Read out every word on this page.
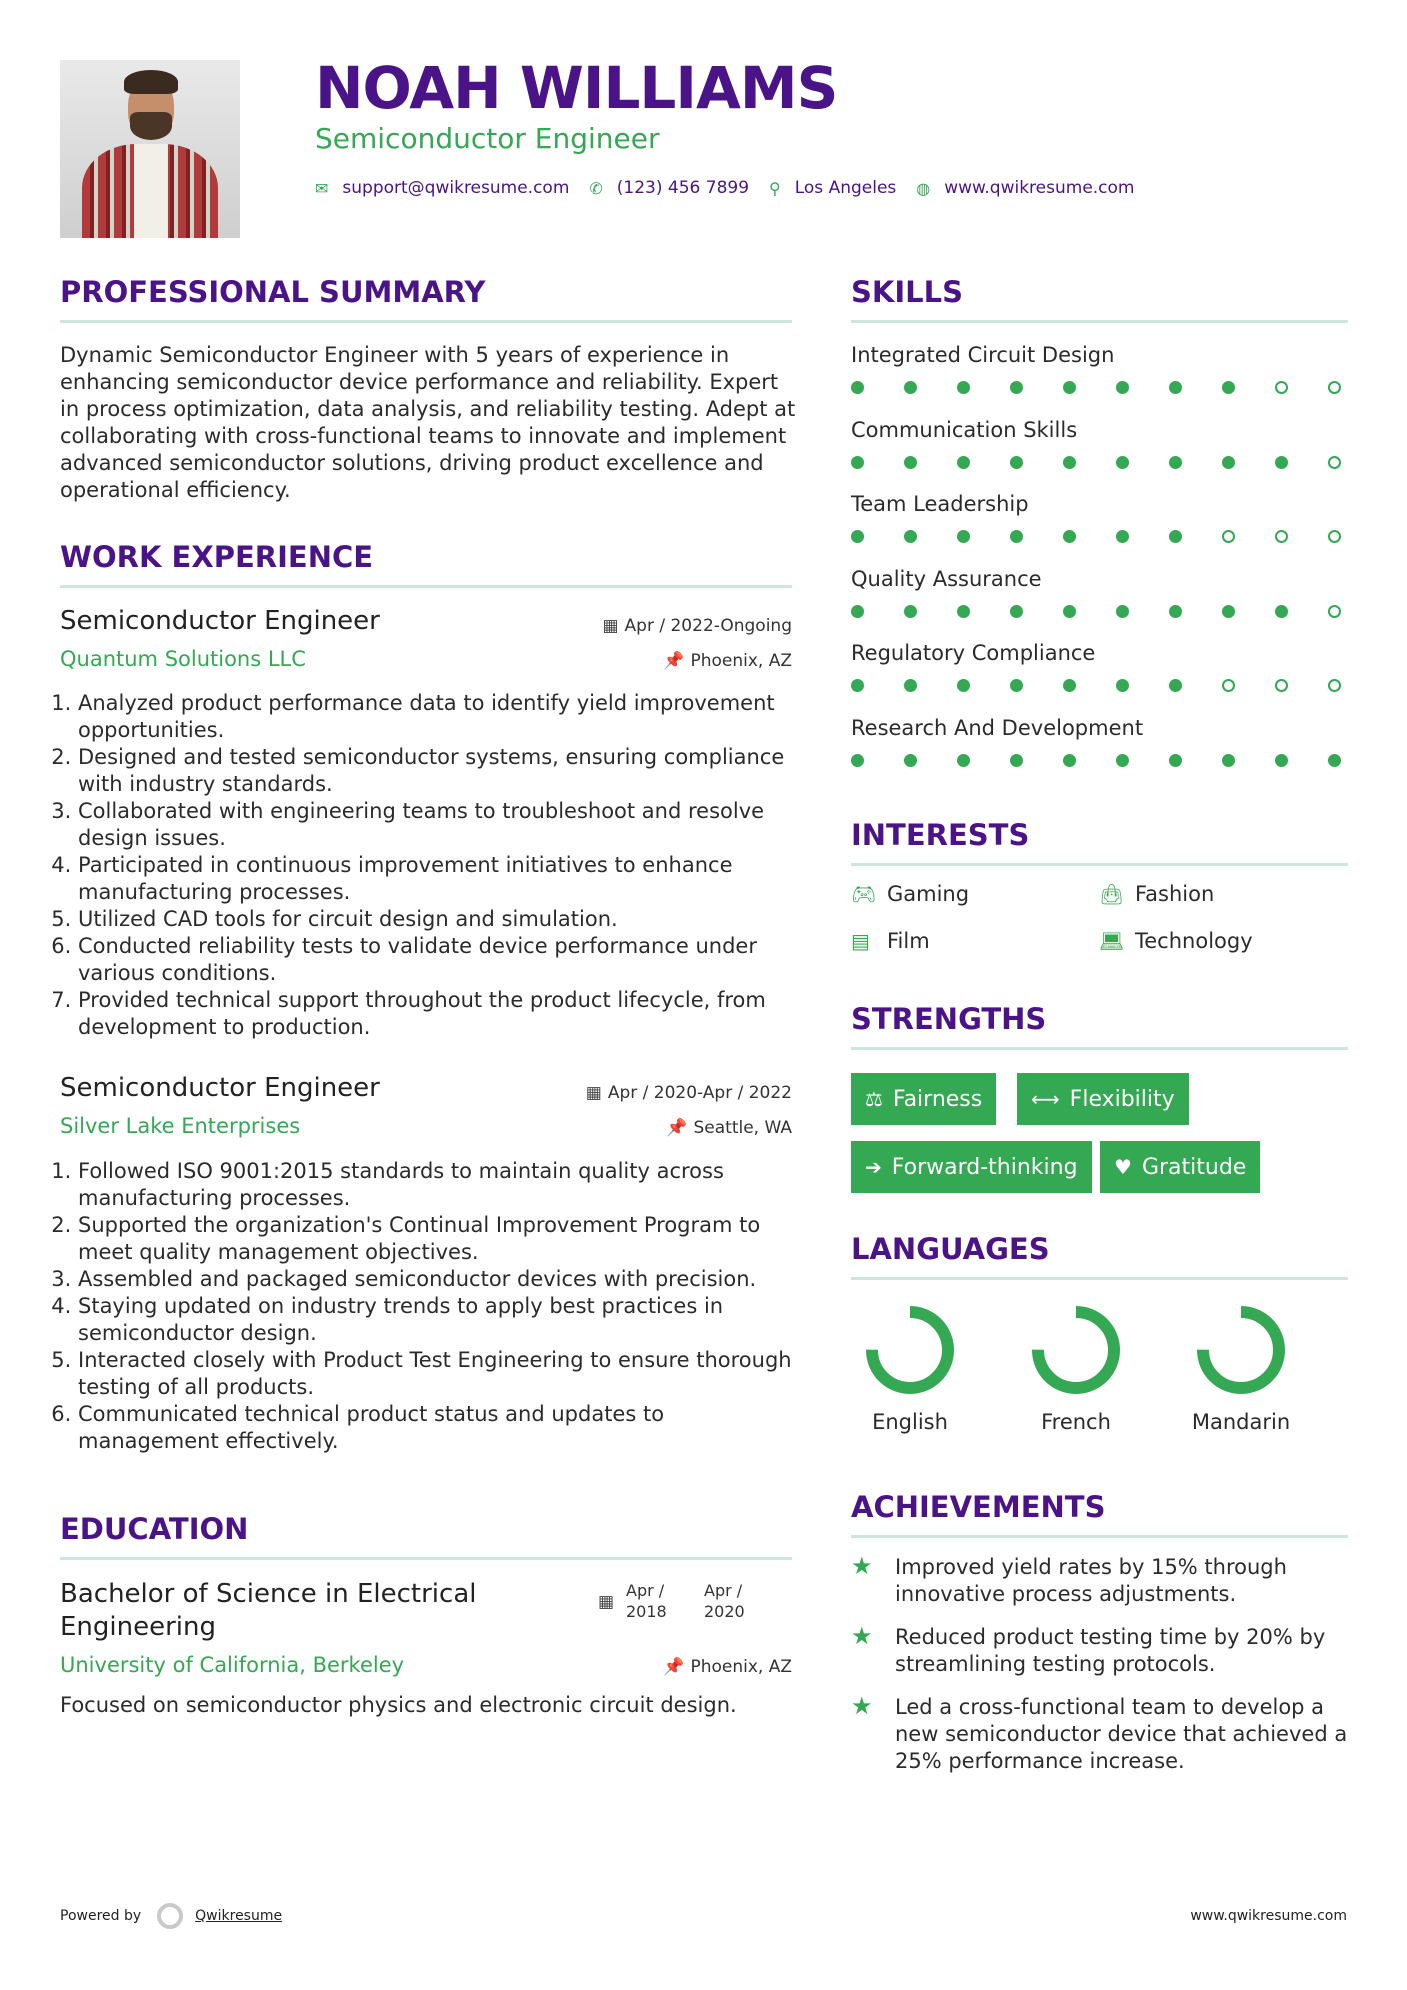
NOAH WILLIAMS
Semiconductor Engineer
✉ support@qwikresume.com ✆ (123) 456 7899 ⚲ Los Angeles ◍ www.qwikresume.com
PROFESSIONAL SUMMARY

Dynamic Semiconductor Engineer with 5 years of experience in enhancing semiconductor device performance and reliability. Expert in process optimization, data analysis, and reliability testing. Adept at collaborating with cross-functional teams to innovate and implement advanced semiconductor solutions, driving product excellence and operational efficiency.

WORK EXPERIENCE
Semiconductor Engineer	▦ Apr / 2022-Ongoing
Quantum Solutions LLC	📌 Phoenix, AZ
1. Analyzed product performance data to identify yield improvement opportunities.
2. Designed and tested semiconductor systems, ensuring compliance with industry standards.
3. Collaborated with engineering teams to troubleshoot and resolve design issues.
4. Participated in continuous improvement initiatives to enhance manufacturing processes.
5. Utilized CAD tools for circuit design and simulation.
6. Conducted reliability tests to validate device performance under various conditions.
7. Provided technical support throughout the product lifecycle, from development to production.
Semiconductor Engineer	▦ Apr / 2020-Apr / 2022
Silver Lake Enterprises	📌 Seattle, WA
1. Followed ISO 9001:2015 standards to maintain quality across manufacturing processes.
2. Supported the organization's Continual Improvement Program to meet quality management objectives.
3. Assembled and packaged semiconductor devices with precision.
4. Staying updated on industry trends to apply best practices in semiconductor design.
5. Interacted closely with Product Test Engineering to ensure thorough testing of all products.
6. Communicated technical product status and updates to management effectively.
EDUCATION
Bachelor of Science in Electrical
Engineering
▦
Apr /
2018
Apr /
2020
University of California, Berkeley	📌 Phoenix, AZ

Focused on semiconductor physics and electronic circuit design.

SKILLS
Integrated Circuit Design
Communication Skills
Team Leadership
Quality Assurance
Regulatory Compliance
Research And Development
INTERESTS
🎮︎ Gaming	👜︎ Fashion
▤ Film	💻︎ Technology
STRENGTHS
⚖ Fairness ⟷ Flexibility
➔ Forward-thinking ♥ Gratitude
LANGUAGES
English	French	Mandarin
ACHIEVEMENTS
★	Improved yield rates by 15% through innovative process adjustments.
★	Reduced product testing time by 20% by streamlining testing protocols.
★	Led a cross-functional team to develop a new semiconductor device that achieved a 25% performance increase.
Powered by	Qwikresume	www.qwikresume.com
